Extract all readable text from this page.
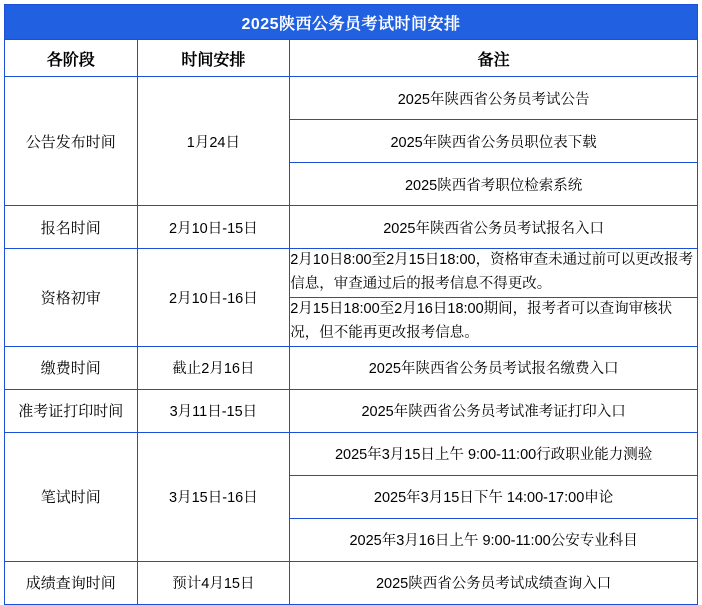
2025陕西公务员考试时间安排		
各阶段	时间安排	备注
公告发布时间	1月24日	2025年陕西省公务员考试公告
		2025年陕西省公务员职位表下载
		2025陕西省考职位检索系统
报名时间	2月10日-15日	2025年陕西省公务员考试报名入口
资格初审	2月10日-16日	2月10日8:00至2月15日18:00，资格审查未通过前可以更改报考信息，审查通过后的报考信息不得更改。
		2月15日18:00至2月16日18:00期间，报考者可以查询审核状况，但不能再更改报考信息。
缴费时间	截止2月16日	2025年陕西省公务员考试报名缴费入口
准考证打印时间	3月11日-15日	2025年陕西省公务员考试准考证打印入口
笔试时间	3月15日-16日	2025年3月15日上午 9:00-11:00行政职业能力测验
		2025年3月15日下午 14:00-17:00申论
		2025年3月16日上午 9:00-11:00公安专业科目
成绩查询时间	预计4月15日	2025陕西省公务员考试成绩查询入口
